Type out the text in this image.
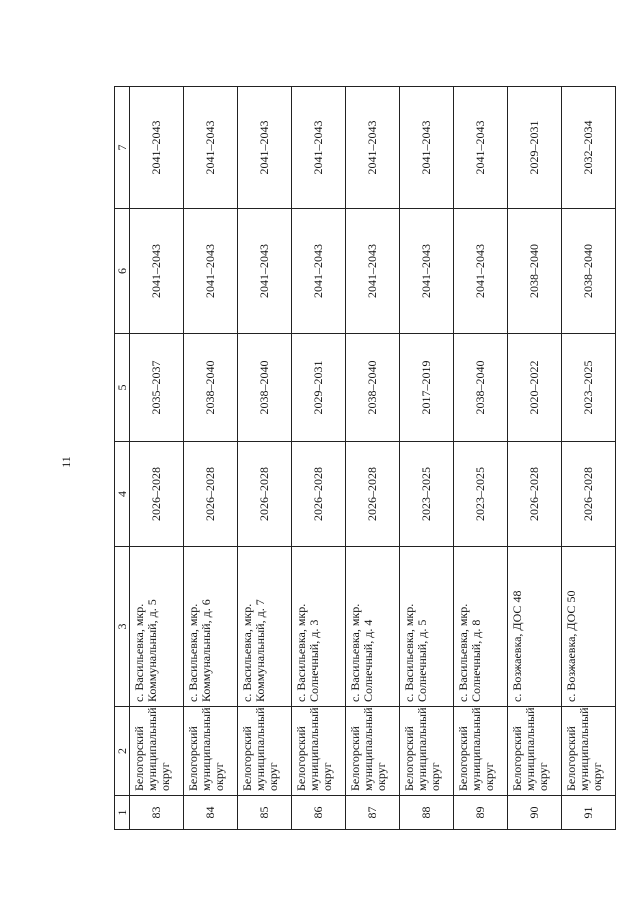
11
1	2	3	4	5	6	7
83	Белогорский муниципальный округ	с. Васильевка, мкр. Коммунальный, д. 5	2026–2028	2035–2037	2041–2043	2041–2043
84	Белогорский муниципальный округ	с. Васильевка, мкр. Коммунальный, д. 6	2026–2028	2038–2040	2041–2043	2041–2043
85	Белогорский муниципальный округ	с. Васильевка, мкр. Коммунальный, д. 7	2026–2028	2038–2040	2041–2043	2041–2043
86	Белогорский муниципальный округ	с. Васильевка, мкр. Солнечный, д. 3	2026–2028	2029–2031	2041–2043	2041–2043
87	Белогорский муниципальный округ	с. Васильевка, мкр. Солнечный, д. 4	2026–2028	2038–2040	2041–2043	2041–2043
88	Белогорский муниципальный округ	с. Васильевка, мкр. Солнечный, д. 5	2023–2025	2017–2019	2041–2043	2041–2043
89	Белогорский муниципальный округ	с. Васильевка, мкр. Солнечный, д. 8	2023–2025	2038–2040	2041–2043	2041–2043
90	Белогорский муниципальный округ	с. Возжаевка, ДОС 48	2026–2028	2020–2022	2038–2040	2029–2031
91	Белогорский муниципальный округ	с. Возжаевка, ДОС 50	2026–2028	2023–2025	2038–2040	2032–2034
